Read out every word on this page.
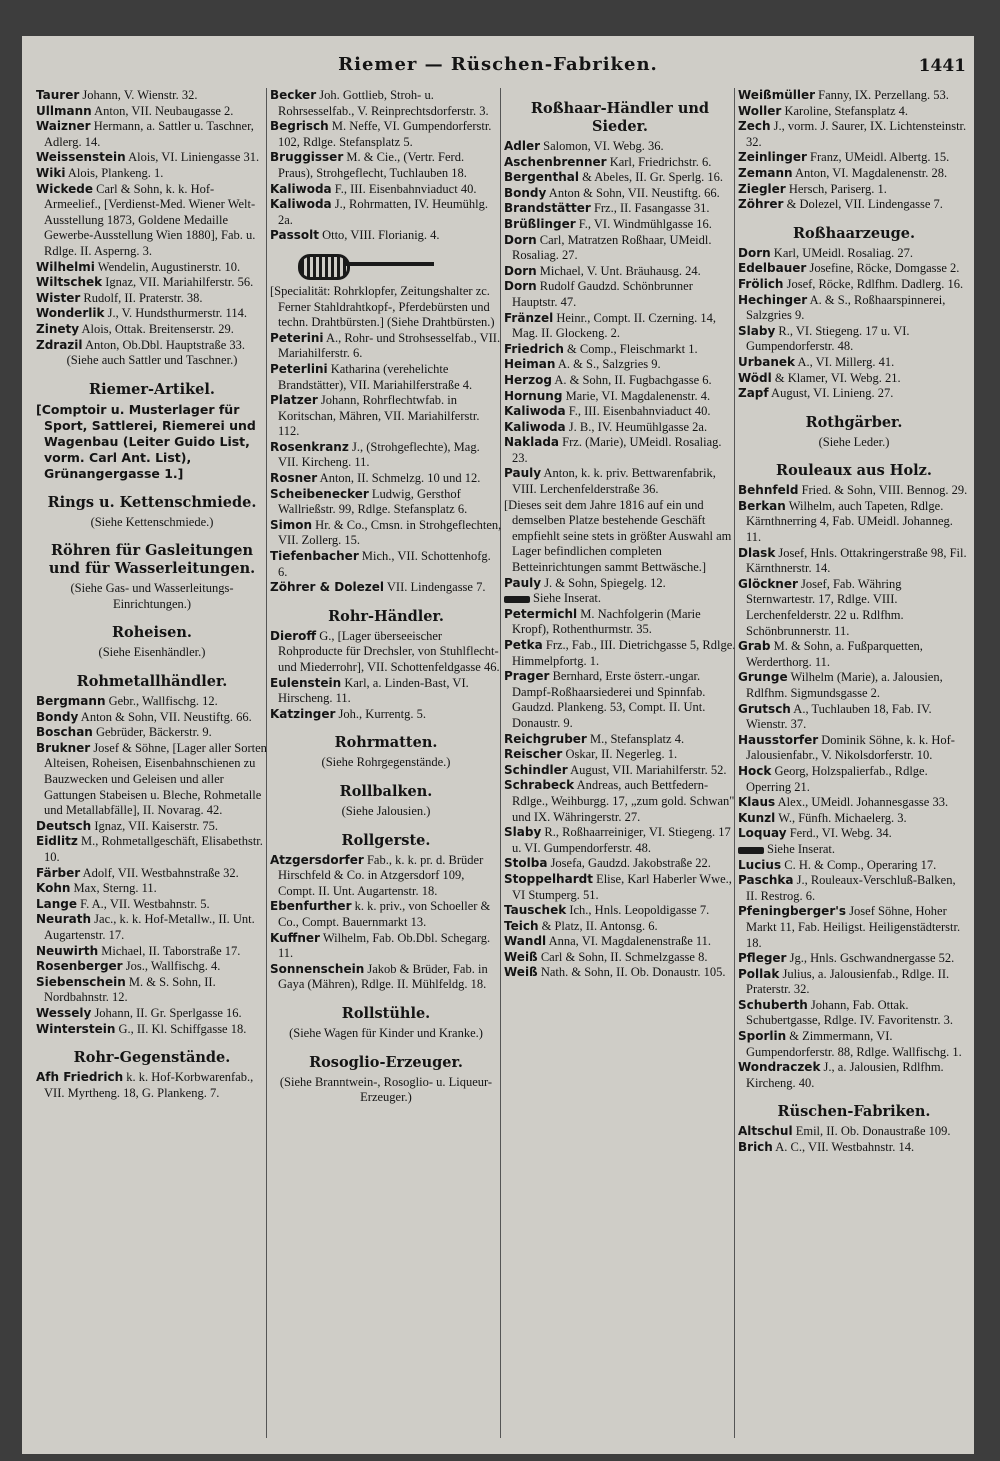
Riemer — Rüschen-Fabriken.	1441
Taurer Johann, V. Wienstr. 32.
Ullmann Anton, VII. Neubaugasse 2.
Waizner Hermann, a. Sattler u. Taschner, Adlerg. 14.
Weissenstein Alois, VI. Liniengasse 31.
Wiki Alois, Plankeng. 1.
Wickede Carl & Sohn, k. k. Hof-Armeelief., [Verdienst-Med. Wiener Welt-Ausstellung 1873, Goldene Medaille Gewerbe-Ausstellung Wien 1880], Fab. u. Rdlge. II. Asperng. 3.
Wilhelmi Wendelin, Augustinerstr. 10.
Wiltschek Ignaz, VII. Mariahilferstr. 56.
Wister Rudolf, II. Praterstr. 38.
Wonderlik J., V. Hundsthurmerstr. 114.
Zinety Alois, Ottak. Breitenserstr. 29.
Zdrazil Anton, Ob.Dbl. Hauptstraße 33.
(Siehe auch Sattler und Taschner.)
Riemer-Artikel.
[Comptoir u. Musterlager für Sport, Sattlerei, Riemerei und Wagenbau (Leiter Guido List, vorm. Carl Ant. List), Grünangergasse 1.]
Rings u. Kettenschmiede.
(Siehe Kettenschmiede.)
Röhren für Gasleitungen und für Wasserleitungen.
(Siehe Gas- und Wasserleitungs-Einrichtungen.)
Roheisen.
(Siehe Eisenhändler.)
Rohmetallhändler.
Bergmann Gebr., Wallfischg. 12.
Bondy Anton & Sohn, VII. Neustiftg. 66.
Boschan Gebrüder, Bäckerstr. 9.
Brukner Josef & Söhne, [Lager aller Sorten Alteisen, Roheisen, Eisenbahnschienen zu Bauzwecken und Geleisen und aller Gattungen Stabeisen u. Bleche, Rohmetalle und Metallabfälle], II. Novarag. 42.
Deutsch Ignaz, VII. Kaiserstr. 75.
Eidlitz M., Rohmetallgeschäft, Elisabethstr. 10.
Färber Adolf, VII. Westbahnstraße 32.
Kohn Max, Sterng. 11.
Lange F. A., VII. Westbahnstr. 5.
Neurath Jac., k. k. Hof-Metallw., II. Unt. Augartenstr. 17.
Neuwirth Michael, II. Taborstraße 17.
Rosenberger Jos., Wallfischg. 4.
Siebenschein M. & S. Sohn, II. Nordbahnstr. 12.
Wessely Johann, II. Gr. Sperlgasse 16.
Winterstein G., II. Kl. Schiffgasse 18.
Rohr-Gegenstände.
Afh Friedrich k. k. Hof-Korbwarenfab., VII. Myrtheng. 18, G. Plankeng. 7.
Becker Joh. Gottlieb, Stroh- u. Rohrsesselfab., V. Reinprechtsdorferstr. 3.
Begrisch M. Neffe, VI. Gumpendorferstr. 102, Rdlge. Stefansplatz 5.
Bruggisser M. & Cie., (Vertr. Ferd. Praus), Strohgeflecht, Tuchlauben 18.
Kaliwoda F., III. Eisenbahnviaduct 40.
Kaliwoda J., Rohrmatten, IV. Heumühlg. 2a.
Passolt Otto, VIII. Florianig. 4.
[Specialität: Rohrklopfer, Zeitungshalter zc. Ferner Stahldrahtkopf-, Pferdebürsten und techn. Drahtbürsten.] (Siehe Drahtbürsten.)
Peterini A., Rohr- und Strohsesselfab., VII. Mariahilferstr. 6.
Peterlini Katharina (verehelichte Brandstätter), VII. Mariahilferstraße 4.
Platzer Johann, Rohrflechtwfab. in Koritschan, Mähren, VII. Mariahilferstr. 112.
Rosenkranz J., (Strohgeflechte), Mag. VII. Kircheng. 11.
Rosner Anton, II. Schmelzg. 10 und 12.
Scheibenecker Ludwig, Gersthof Wallrießstr. 99, Rdlge. Stefansplatz 6.
Simon Hr. & Co., Cmsn. in Strohgeflechten, VII. Zollerg. 15.
Tiefenbacher Mich., VII. Schottenhofg. 6.
Zöhrer & Dolezel VII. Lindengasse 7.
Rohr-Händler.
Dieroff G., [Lager überseeischer Rohproducte für Drechsler, von Stuhlflecht- und Miederrohr], VII. Schottenfeldgasse 46.
Eulenstein Karl, a. Linden-Bast, VI. Hirscheng. 11.
Katzinger Joh., Kurrentg. 5.
Rohrmatten.
(Siehe Rohrgegenstände.)
Rollbalken.
(Siehe Jalousien.)
Rollgerste.
Atzgersdorfer Fab., k. k. pr. d. Brüder Hirschfeld & Co. in Atzgersdorf 109, Compt. II. Unt. Augartenstr. 18.
Ebenfurther k. k. priv., von Schoeller & Co., Compt. Bauernmarkt 13.
Kuffner Wilhelm, Fab. Ob.Dbl. Schegarg. 11.
Sonnenschein Jakob & Brüder, Fab. in Gaya (Mähren), Rdlge. II. Mühlfeldg. 18.
Rollstühle.
(Siehe Wagen für Kinder und Kranke.)
Rosoglio-Erzeuger.
(Siehe Branntwein-, Rosoglio- u. Liqueur-Erzeuger.)
Roßhaar-Händler und Sieder.
Adler Salomon, VI. Webg. 36.
Aschenbrenner Karl, Friedrichstr. 6.
Bergenthal & Abeles, II. Gr. Sperlg. 16.
Bondy Anton & Sohn, VII. Neustiftg. 66.
Brandstätter Frz., II. Fasangasse 31.
Brüßlinger F., VI. Windmühlgasse 16.
Dorn Carl, Matratzen Roßhaar, UMeidl. Rosaliag. 27.
Dorn Michael, V. Unt. Bräuhausg. 24.
Dorn Rudolf Gaudzd. Schönbrunner Hauptstr. 47.
Fränzel Heinr., Compt. II. Czerning. 14, Mag. II. Glockeng. 2.
Friedrich & Comp., Fleischmarkt 1.
Heiman A. & S., Salzgries 9.
Herzog A. & Sohn, II. Fugbachgasse 6.
Hornung Marie, VI. Magdalenenstr. 4.
Kaliwoda F., III. Eisenbahnviaduct 40.
Kaliwoda J. B., IV. Heumühlgasse 2a.
Naklada Frz. (Marie), UMeidl. Rosaliag. 23.
Pauly Anton, k. k. priv. Bettwarenfabrik, VIII. Lerchenfelderstraße 36.
[Dieses seit dem Jahre 1816 auf ein und demselben Platze bestehende Geschäft empfiehlt seine stets in größter Auswahl am Lager befindlichen completen Betteinrichtungen sammt Bettwäsche.]
Pauly J. & Sohn, Spiegelg. 12.
Siehe Inserat.
Petermichl M. Nachfolgerin (Marie Kropf), Rothenthurmstr. 35.
Petka Frz., Fab., III. Dietrichgasse 5, Rdlge. Himmelpfortg. 1.
Prager Bernhard, Erste österr.-ungar. Dampf-Roßhaarsiederei und Spinnfab. Gaudzd. Plankeng. 53, Compt. II. Unt. Donaustr. 9.
Reichgruber M., Stefansplatz 4.
Reischer Oskar, II. Negerleg. 1.
Schindler August, VII. Mariahilferstr. 52.
Schrabeck Andreas, auch Bettfedern-Rdlge., Weihburgg. 17, „zum gold. Schwan" und IX. Währingerstr. 27.
Slaby R., Roßhaarreiniger, VI. Stiegeng. 17 u. VI. Gumpendorferstr. 48.
Stolba Josefa, Gaudzd. Jakobstraße 22.
Stoppelhardt Elise, Karl Haberler Wwe., VI Stumperg. 51.
Tauschek Ich., Hnls. Leopoldigasse 7.
Teich & Platz, II. Antonsg. 6.
Wandl Anna, VI. Magdalenenstraße 11.
Weiß Carl & Sohn, II. Schmelzgasse 8.
Weiß Nath. & Sohn, II. Ob. Donaustr. 105.
Weißmüller Fanny, IX. Perzellang. 53.
Woller Karoline, Stefansplatz 4.
Zech J., vorm. J. Saurer, IX. Lichtensteinstr. 32.
Zeinlinger Franz, UMeidl. Albertg. 15.
Zemann Anton, VI. Magdalenenstr. 28.
Ziegler Hersch, Pariserg. 1.
Zöhrer & Dolezel, VII. Lindengasse 7.
Roßhaarzeuge.
Dorn Karl, UMeidl. Rosaliag. 27.
Edelbauer Josefine, Röcke, Domgasse 2.
Frölich Josef, Röcke, Rdlfhm. Dadlerg. 16.
Hechinger A. & S., Roßhaarspinnerei, Salzgries 9.
Slaby R., VI. Stiegeng. 17 u. VI. Gumpendorferstr. 48.
Urbanek A., VI. Millerg. 41.
Wödl & Klamer, VI. Webg. 21.
Zapf August, VI. Linieng. 27.
Rothgärber.
(Siehe Leder.)
Rouleaux aus Holz.
Behnfeld Fried. & Sohn, VIII. Bennog. 29.
Berkan Wilhelm, auch Tapeten, Rdlge. Kärnthnerring 4, Fab. UMeidl. Johanneg. 11.
Dlask Josef, Hnls. Ottakringerstraße 98, Fil. Kärnthnerstr. 14.
Glöckner Josef, Fab. Währing Sternwartestr. 17, Rdlge. VIII. Lerchenfelderstr. 22 u. Rdlfhm. Schönbrunnerstr. 11.
Grab M. & Sohn, a. Fußparquetten, Werderthorg. 11.
Grunge Wilhelm (Marie), a. Jalousien, Rdlfhm. Sigmundsgasse 2.
Grutsch A., Tuchlauben 18, Fab. IV. Wienstr. 37.
Hausstorfer Dominik Söhne, k. k. Hof-Jalousienfabr., V. Nikolsdorferstr. 10.
Hock Georg, Holzspalierfab., Rdlge. Operring 21.
Klaus Alex., UMeidl. Johannesgasse 33.
Kunzl W., Fünfh. Michaelerg. 3.
Loquay Ferd., VI. Webg. 34.
Siehe Inserat.
Lucius C. H. & Comp., Operaring 17.
Paschka J., Rouleaux-Verschluß-Balken, II. Restrog. 6.
Pfeningberger's Josef Söhne, Hoher Markt 11, Fab. Heiligst. Heiligenstädterstr. 18.
Pfleger Jg., Hnls. Gschwandnergasse 52.
Pollak Julius, a. Jalousienfab., Rdlge. II. Praterstr. 32.
Schuberth Johann, Fab. Ottak. Schubertgasse, Rdlge. IV. Favoritenstr. 3.
Sporlin & Zimmermann, VI. Gumpendorferstr. 88, Rdlge. Wallfischg. 1.
Wondraczek J., a. Jalousien, Rdlfhm. Kircheng. 40.
Rüschen-Fabriken.
Altschul Emil, II. Ob. Donaustraße 109.
Brich A. C., VII. Westbahnstr. 14.
